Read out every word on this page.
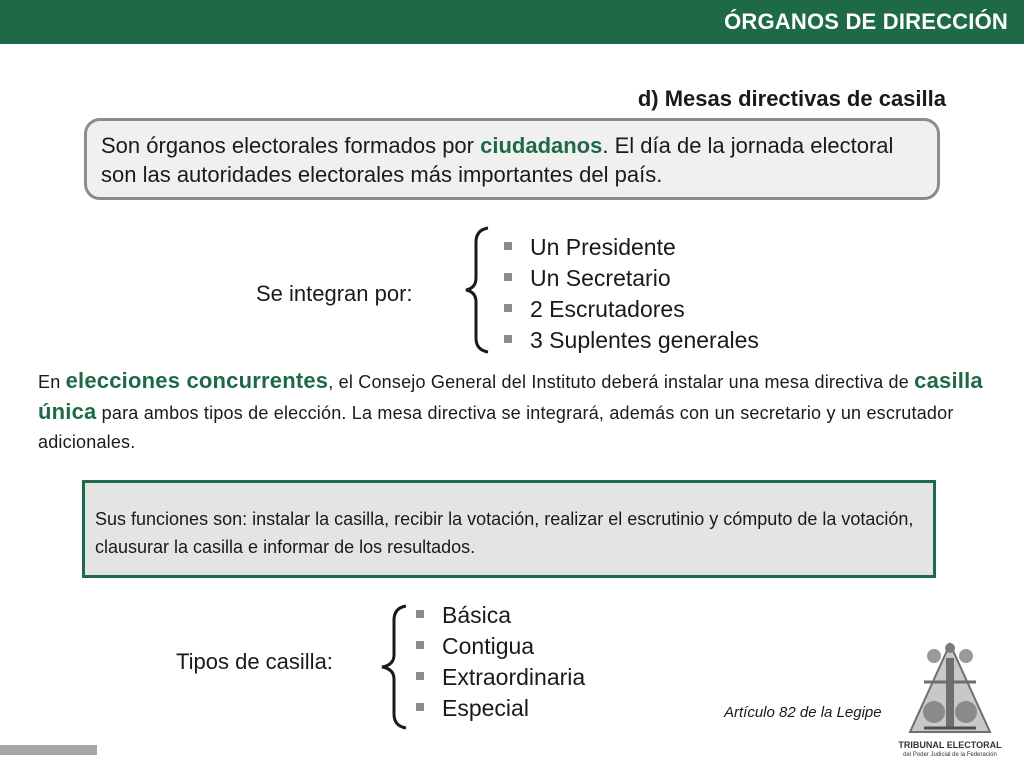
ÓRGANOS DE DIRECCIÓN
d) Mesas directivas de casilla
Son órganos electorales formados por ciudadanos. El día de la jornada electoral son las autoridades electorales más importantes del país.
Se integran por:
Un Presidente
Un Secretario
2 Escrutadores
3 Suplentes generales
En elecciones concurrentes, el Consejo General del Instituto deberá instalar una mesa directiva de casilla única para ambos tipos de elección. La mesa directiva se integrará, además con un secretario y un escrutador adicionales.
Sus funciones son: instalar la casilla, recibir la votación, realizar el escrutinio y cómputo de la votación, clausurar la casilla e informar de los resultados.
Tipos de casilla:
Básica
Contigua
Extraordinaria
Especial	Artículo 82 de la Legipe
TRIBUNAL ELECTORAL
del Poder Judicial de la Federación
